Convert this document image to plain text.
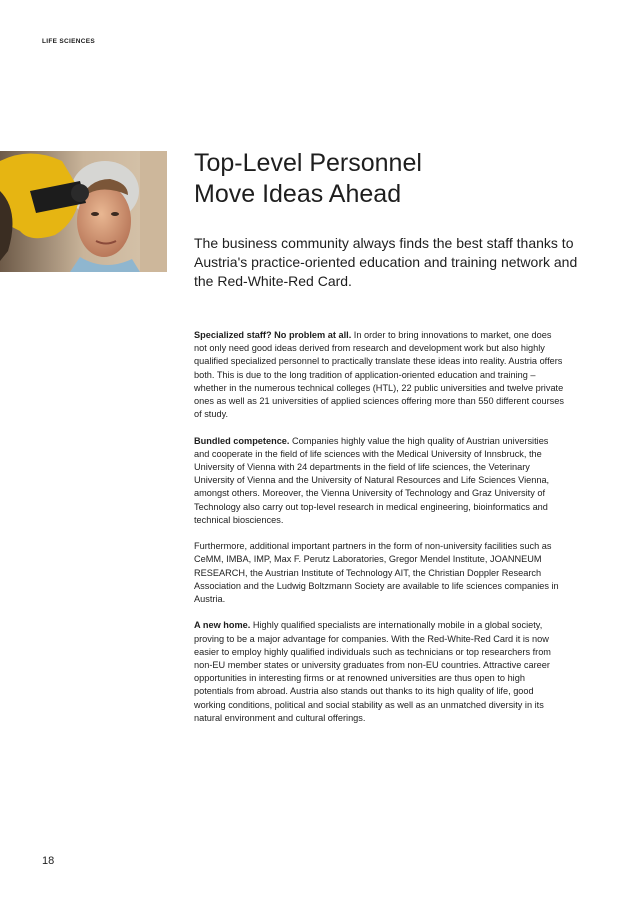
LIFE SCIENCES
Top-Level Personnel
Move Ideas Ahead

The business community always finds the best staff thanks to Austria's practice-oriented education and training network and the Red-White-Red Card.

Specialized staff? No problem at all. In order to bring innovations to market, one does not only need good ideas derived from research and development work but also highly qualified specialized personnel to practically translate these ideas into reality. Austria offers both. This is due to the long tradition of application-oriented education and training – whether in the numerous technical colleges (HTL), 22 public universities and twelve private ones as well as 21 universities of applied sciences offering more than 550 different courses of study.

Bundled competence. Companies highly value the high quality of Austrian universities and cooperate in the field of life sciences with the Medical University of Innsbruck, the University of Vienna with 24 departments in the field of life sciences, the Veterinary University of Vienna and the University of Natural Resources and Life Sciences Vienna, amongst others. Moreover, the Vienna University of Technology and Graz University of Technology also carry out top-level research in medical engineering, bioinformatics and technical biosciences.

Furthermore, additional important partners in the form of non-university facilities such as CeMM, IMBA, IMP, Max F. Perutz Laboratories, Gregor Mendel Institute, JOANNEUM RESEARCH, the Austrian Institute of Technology AIT, the Christian Doppler Research Association and the Ludwig Boltzmann Society are available to life sciences companies in Austria.

A new home. Highly qualified specialists are internationally mobile in a global society, proving to be a major advantage for companies. With the Red-White-Red Card it is now easier to employ highly qualified individuals such as technicians or top researchers from non-EU member states or university graduates from non-EU countries. Attractive career opportunities in interesting firms or at renowned universities are thus open to high potentials from abroad. Austria also stands out thanks to its high quality of life, good working conditions, political and social stability as well as an unmatched diversity in its natural environment and cultural offerings.

18
